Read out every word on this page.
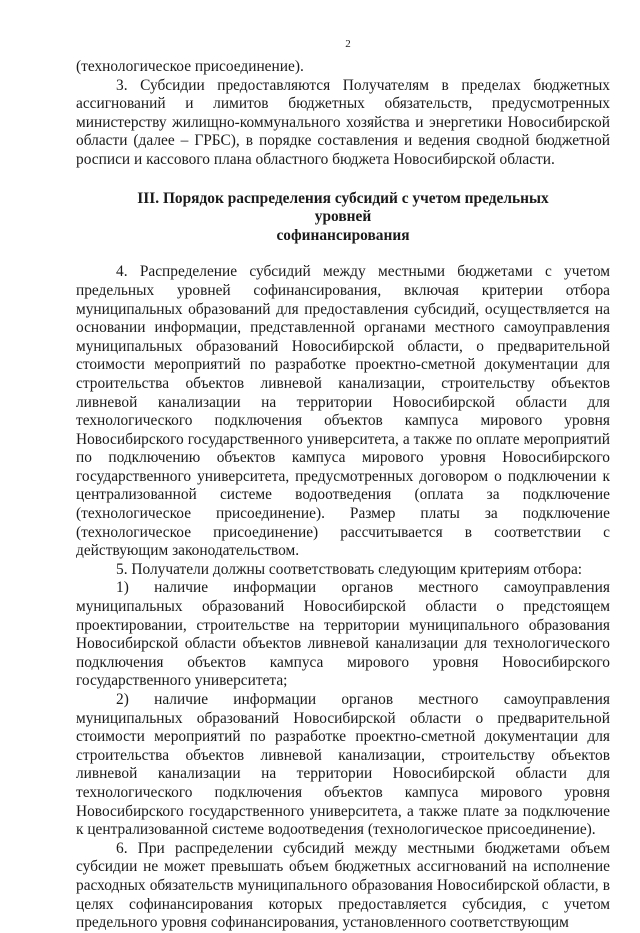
2

(технологическое присоединение).

3. Субсидии предоставляются Получателям в пределах бюджетных ассигнований и лимитов бюджетных обязательств, предусмотренных министерству жилищно-коммунального хозяйства и энергетики Новосибирской области (далее – ГРБС), в порядке составления и ведения сводной бюджетной росписи и кассового плана областного бюджета Новосибирской области.

III. Порядок распределения субсидий с учетом предельных уровней
софинансирования

4. Распределение субсидий между местными бюджетами с учетом предельных уровней софинансирования, включая критерии отбора муниципальных образований для предоставления субсидий, осуществляется на основании информации, представленной органами местного самоуправления муниципальных образований Новосибирской области, о предварительной стоимости мероприятий по разработке проектно-сметной документации для строительства объектов ливневой канализации, строительству объектов ливневой канализации на территории Новосибирской области для технологического подключения объектов кампуса мирового уровня Новосибирского государственного университета, а также по оплате мероприятий по подключению объектов кампуса мирового уровня Новосибирского государственного университета, предусмотренных договором о подключении к централизованной системе водоотведения (оплата за подключение (технологическое присоединение). Размер платы за подключение (технологическое присоединение) рассчитывается в соответствии с действующим законодательством.

5. Получатели должны соответствовать следующим критериям отбора:

1) наличие информации органов местного самоуправления муниципальных образований Новосибирской области о предстоящем проектировании, строительстве на территории муниципального образования Новосибирской области объектов ливневой канализации для технологического подключения объектов кампуса мирового уровня Новосибирского государственного университета;

2) наличие информации органов местного самоуправления муниципальных образований Новосибирской области о предварительной стоимости мероприятий по разработке проектно-сметной документации для строительства объектов ливневой канализации, строительству объектов ливневой канализации на территории Новосибирской области для технологического подключения объектов кампуса мирового уровня Новосибирского государственного университета, а также плате за подключение к централизованной системе водоотведения (технологическое присоединение).

6. При распределении субсидий между местными бюджетами объем субсидии не может превышать объем бюджетных ассигнований на исполнение расходных обязательств муниципального образования Новосибирской области, в целях софинансирования которых предоставляется субсидия, с учетом предельного уровня софинансирования, установленного соответствующим
